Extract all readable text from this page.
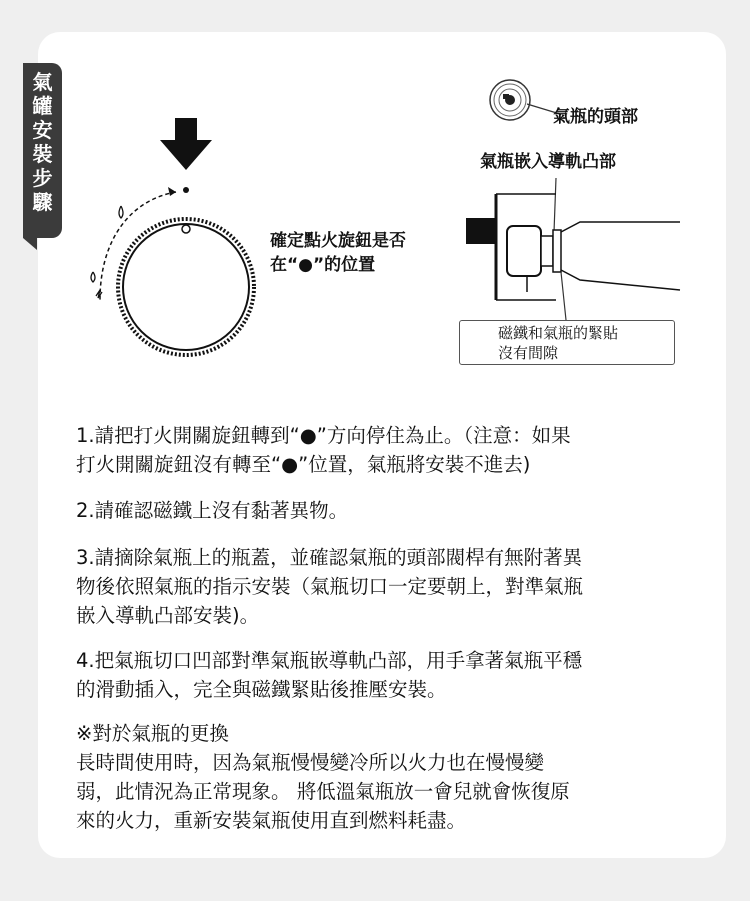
氣
罐
安
裝
步
驟
確定點火旋鈕是否
在“●”的位置
氣瓶的頭部
氣瓶嵌入導軌凸部
磁鐵和氣瓶的緊貼
沒有間隙

1.請把打火開關旋鈕轉到“●”方向停住為止。（注意：如果

打火開關旋鈕沒有轉至“●”位置，氣瓶將安裝不進去)

2.請確認磁鐵上沒有黏著異物。

3.請摘除氣瓶上的瓶蓋，並確認氣瓶的頭部閥桿有無附著異

物後依照氣瓶的指示安裝（氣瓶切口一定要朝上，對準氣瓶

嵌入導軌凸部安裝)。

4.把氣瓶切口凹部對準氣瓶嵌導軌凸部，用手拿著氣瓶平穩

的滑動插入，完全與磁鐵緊貼後推壓安裝。

※對於氣瓶的更換

長時間使用時，因為氣瓶慢慢變冷所以火力也在慢慢變

弱，此情況為正常現象。 將低溫氣瓶放一會兒就會恢復原

來的火力，重新安裝氣瓶使用直到燃料耗盡。
